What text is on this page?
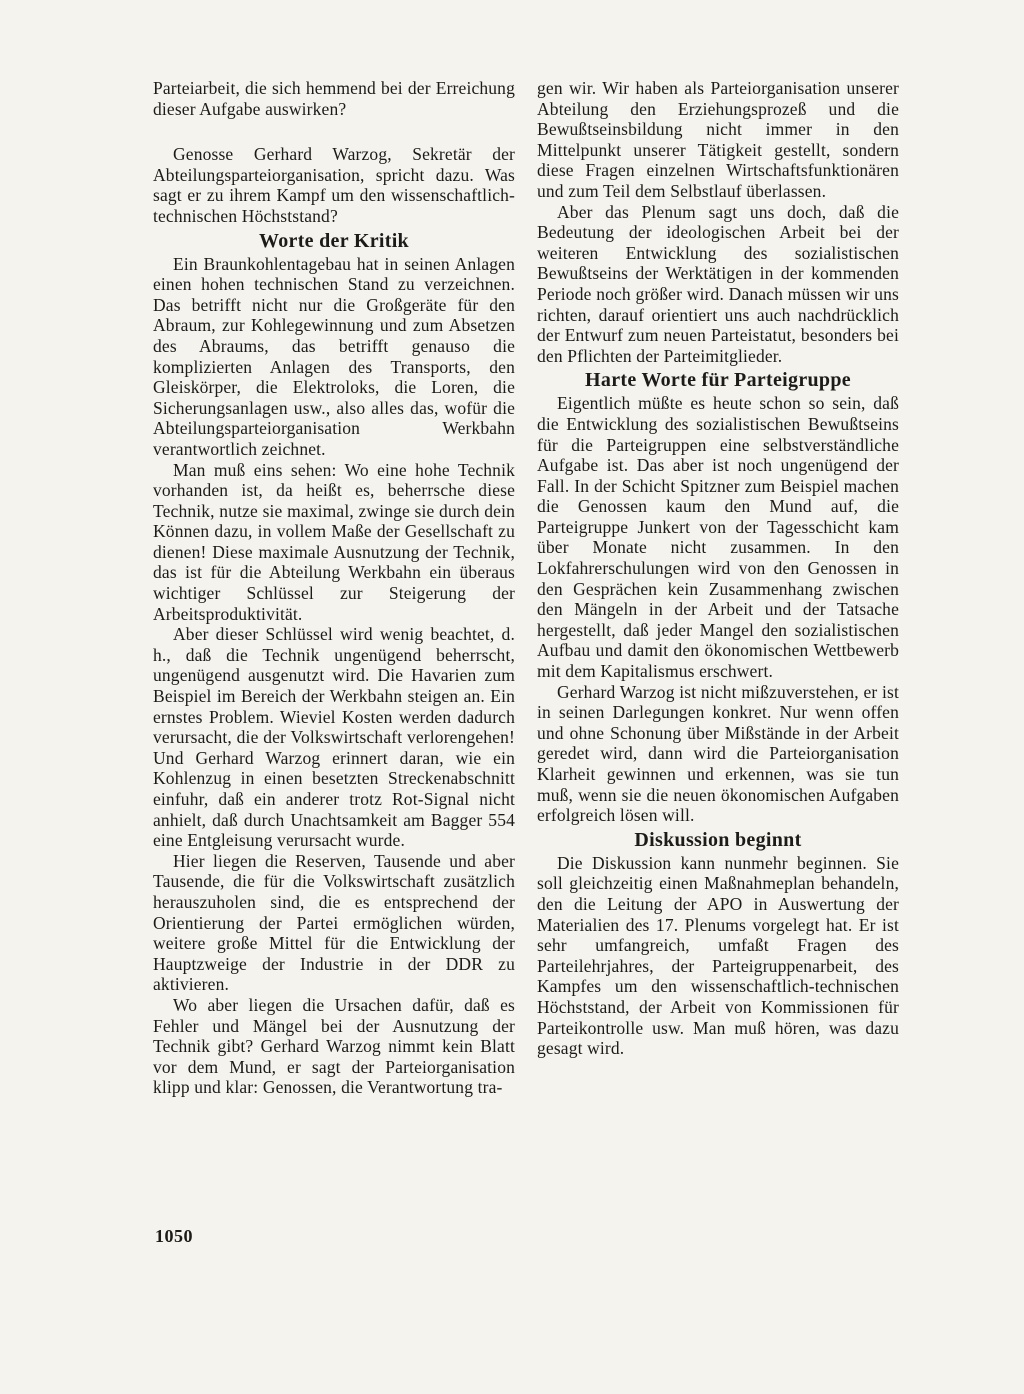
Parteiarbeit, die sich hemmend bei der Erreichung dieser Aufgabe auswirken?

Genosse Gerhard Warzog, Sekretär der Abteilungsparteiorganisation, spricht dazu. Was sagt er zu ihrem Kampf um den wissenschaftlich-technischen Höchststand?

Worte der Kritik

Ein Braunkohlentagebau hat in seinen Anlagen einen hohen technischen Stand zu verzeichnen. Das betrifft nicht nur die Großgeräte für den Abraum, zur Kohlegewinnung und zum Absetzen des Abraums, das betrifft genauso die komplizierten Anlagen des Transports, den Gleiskörper, die Elektroloks, die Loren, die Sicherungsanlagen usw., also alles das, wofür die Abteilungsparteiorganisation Werkbahn verantwortlich zeichnet.

Man muß eins sehen: Wo eine hohe Technik vorhanden ist, da heißt es, beherrsche diese Technik, nutze sie maximal, zwinge sie durch dein Können dazu, in vollem Maße der Gesellschaft zu dienen! Diese maximale Ausnutzung der Technik, das ist für die Abteilung Werkbahn ein überaus wichtiger Schlüssel zur Steigerung der Arbeitsproduktivität.

Aber dieser Schlüssel wird wenig beachtet, d. h., daß die Technik ungenügend beherrscht, ungenügend ausgenutzt wird. Die Havarien zum Beispiel im Bereich der Werkbahn steigen an. Ein ernstes Problem. Wieviel Kosten werden dadurch verursacht, die der Volkswirtschaft verlorengehen! Und Gerhard Warzog erinnert daran, wie ein Kohlenzug in einen besetzten Streckenabschnitt einfuhr, daß ein anderer trotz Rot-Signal nicht anhielt, daß durch Unachtsamkeit am Bagger 554 eine Entgleisung verursacht wurde.

Hier liegen die Reserven, Tausende und aber Tausende, die für die Volkswirtschaft zusätzlich herauszuholen sind, die es entsprechend der Orientierung der Partei ermöglichen würden, weitere große Mittel für die Entwicklung der Hauptzweige der Industrie in der DDR zu aktivieren.

Wo aber liegen die Ursachen dafür, daß es Fehler und Mängel bei der Ausnutzung der Technik gibt? Gerhard Warzog nimmt kein Blatt vor dem Mund, er sagt der Parteiorganisation klipp und klar: Genossen, die Verantwortung tra-

gen wir. Wir haben als Parteiorganisation unserer Abteilung den Erziehungsprozeß und die Bewußtseinsbildung nicht immer in den Mittelpunkt unserer Tätigkeit gestellt, sondern diese Fragen einzelnen Wirtschaftsfunktionären und zum Teil dem Selbstlauf überlassen.

Aber das Plenum sagt uns doch, daß die Bedeutung der ideologischen Arbeit bei der weiteren Entwicklung des sozialistischen Bewußtseins der Werktätigen in der kommenden Periode noch größer wird. Danach müssen wir uns richten, darauf orientiert uns auch nachdrücklich der Entwurf zum neuen Parteistatut, besonders bei den Pflichten der Parteimitglieder.

Harte Worte für Parteigruppe

Eigentlich müßte es heute schon so sein, daß die Entwicklung des sozialistischen Bewußtseins für die Parteigruppen eine selbstverständliche Aufgabe ist. Das aber ist noch ungenügend der Fall. In der Schicht Spitzner zum Beispiel machen die Genossen kaum den Mund auf, die Parteigruppe Junkert von der Tagesschicht kam über Monate nicht zusammen. In den Lokfahrerschulungen wird von den Genossen in den Gesprächen kein Zusammenhang zwischen den Mängeln in der Arbeit und der Tatsache hergestellt, daß jeder Mangel den sozialistischen Aufbau und damit den ökonomischen Wettbewerb mit dem Kapitalismus erschwert.

Gerhard Warzog ist nicht mißzuverstehen, er ist in seinen Darlegungen konkret. Nur wenn offen und ohne Schonung über Mißstände in der Arbeit geredet wird, dann wird die Parteiorganisation Klarheit gewinnen und erkennen, was sie tun muß, wenn sie die neuen ökonomischen Aufgaben erfolgreich lösen will.

Diskussion beginnt

Die Diskussion kann nunmehr beginnen. Sie soll gleichzeitig einen Maßnahmeplan behandeln, den die Leitung der APO in Auswertung der Materialien des 17. Plenums vorgelegt hat. Er ist sehr umfangreich, umfaßt Fragen des Parteilehrjahres, der Parteigruppenarbeit, des Kampfes um den wissenschaftlich-technischen Höchststand, der Arbeit von Kommissionen für Parteikontrolle usw. Man muß hören, was dazu gesagt wird.

1050
